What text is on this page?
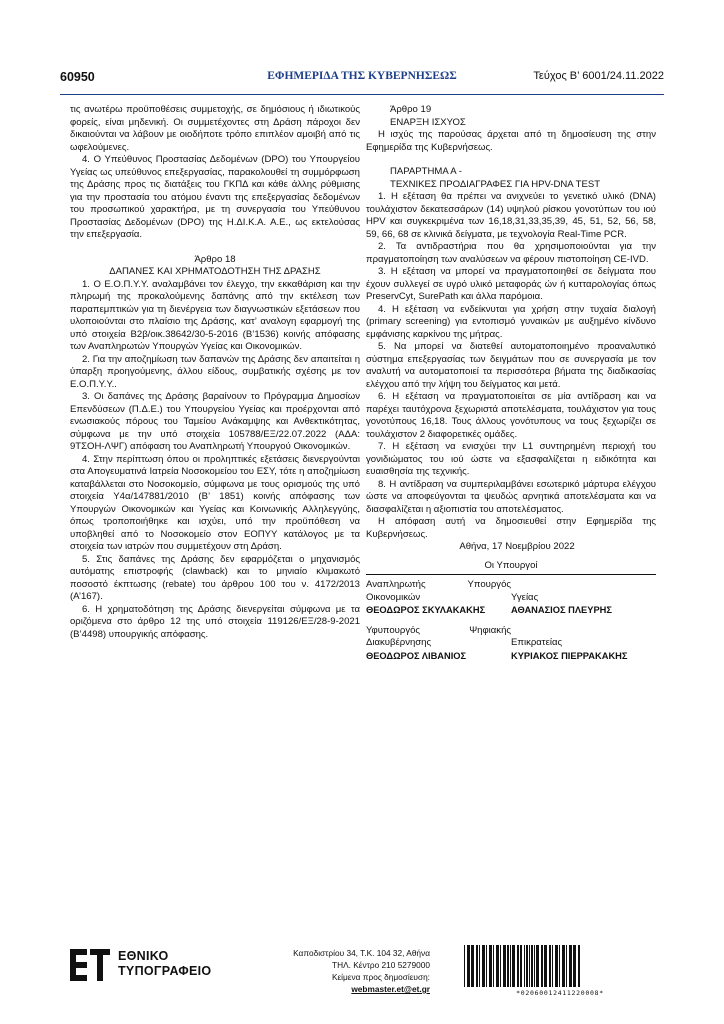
60950	ΕΦΗΜΕΡΙΔΑ ΤΗΣ ΚΥΒΕΡΝΗΣΕΩΣ	Τεύχος Β’ 6001/24.11.2022

τις ανωτέρω προϋποθέσεις συμμετοχής, σε δημόσιους ή ιδιωτικούς φορείς, είναι μηδενική. Οι συμμετέχοντες στη Δράση πάροχοι δεν δικαιούνται να λάβουν με οιοδήποτε τρόπο επιπλέον αμοιβή από τις ωφελούμενες.

4. Ο Υπεύθυνος Προστασίας Δεδομένων (DPO) του Υπουργείου Υγείας ως υπεύθυνος επεξεργασίας, παρακολουθεί τη συμμόρφωση της Δράσης προς τις διατάξεις του ΓΚΠΔ και κάθε άλλης ρύθμισης για την προστασία του ατόμου έναντι της επεξεργασίας δεδομένων του προσωπικού χαρακτήρα, με τη συνεργασία του Υπεύθυνου Προστασίας Δεδομένων (DPO) της Η.ΔΙ.Κ.Α. Α.Ε., ως εκτελούσας την επεξεργασία.

Άρθρο 18

ΔΑΠΑΝΕΣ ΚΑΙ ΧΡΗΜΑΤΟΔΟΤΗΣΗ ΤΗΣ ΔΡΑΣΗΣ

1. Ο Ε.Ο.Π.Υ.Υ. αναλαμβάνει τον έλεγχο, την εκκαθάριση και την πληρωμή της προκαλούμενης δαπάνης από την εκτέλεση των παραπεμπτικών για τη διενέργεια των διαγνωστικών εξετάσεων που υλοποιούνται στο πλαίσιο της Δράσης, κατ’ αναλογη εφαρμογή της υπό στοιχεία Β2β/οικ.38642/30-5-2016 (Β’1536) κοινής απόφασης των Αναπληρωτών Υπουργών Υγείας και Οικονομικών.

2. Για την αποζημίωση των δαπανών της Δράσης δεν απαιτείται η ύπαρξη προηγούμενης, άλλου είδους, συμβατικής σχέσης με τον Ε.Ο.Π.Υ.Υ..

3. Οι δαπάνες της Δράσης βαραίνουν το Πρόγραμμα Δημοσίων Επενδύσεων (Π.Δ.Ε.) του Υπουργείου Υγείας και προέρχονται από ενωσιακούς πόρους του Ταμείου Ανάκαμψης και Ανθεκτικότητας, σύμφωνα με την υπό στοιχεία 105788/ΕΞ/22.07.2022 (ΑΔΑ: 9ΤΣΟΗ-ΛΨΓ) απόφαση του Αναπληρωτή Υπουργού Οικονομικών.

4. Στην περίπτωση όπου οι προληπτικές εξετάσεις διενεργούνται στα Απογευματινά Ιατρεία Νοσοκομείου του ΕΣΥ, τότε η αποζημίωση καταβάλλεται στο Νοσοκομείο, σύμφωνα με τους ορισμούς της υπό στοιχεία Υ4α/147881/2010 (Β’ 1851) κοινής απόφασης των Υπουργών Οικονομικών και Υγείας και Κοινωνικής Αλληλεγγύης, όπως τροποποιήθηκε και ισχύει, υπό την προϋπόθεση να υποβληθεί από το Νοσοκομείο στον ΕΟΠΥΥ κατάλογος με τα στοιχεία των ιατρών που συμμετέχουν στη Δράση.

5. Στις δαπάνες της Δράσης δεν εφαρμόζεται ο μηχανισμός αυτόματης επιστροφής (clawback) και το μηνιαίο κλιμακωτό ποσοστό έκπτωσης (rebate) του άρθρου 100 του ν. 4172/2013 (Α’167).

6. Η χρηματοδότηση της Δράσης διενεργείται σύμφωνα με τα οριζόμενα στο άρθρο 12 της υπό στοιχεία 119126/ΕΞ/28-9-2021 (Β’4498) υπουργικής απόφασης.

Άρθρο 19

ΕΝΑΡΞΗ ΙΣΧΥΟΣ

Η ισχύς της παρούσας άρχεται από τη δημοσίευση της στην Εφημερίδα της Κυβερνήσεως.

ΠΑΡΑΡΤΗΜΑ Α -

ΤΕΧΝΙΚΕΣ ΠΡΟΔΙΑΓΡΑΦΕΣ ΓΙΑ HPV-DNA TEST

1. Η εξέταση θα πρέπει να ανιχνεύει το γενετικό υλικό (DNA) τουλάχιστον δεκατεσσάρων (14) υψηλού ρίσκου γονοτύπων του ιού HPV και συγκεκριμένα των 16,18,31,33,35,39, 45, 51, 52, 56, 58, 59, 66, 68 σε κλινικά δείγματα, με τεχνολογία Real-Time PCR.

2. Τα αντιδραστήρια που θα χρησιμοποιούνται για την πραγματοποίηση των αναλύσεων να φέρουν πιστοποίηση CE-IVD.

3. Η εξέταση να μπορεί να πραγματοποιηθεί σε δείγματα που έχουν συλλεγεί σε υγρό υλικό μεταφοράς ών ή κυτταρολογίας όπως PreservCyt, SurePath και άλλα παρόμοια.

4. Η εξέταση να ενδείκνυται για χρήση στην τυχαία διαλογή (primary screening) για εντοπισμό γυναικών με αυξημένο κίνδυνο εμφάνισης καρκίνου της μήτρας.

5. Να μπορεί να διατεθεί αυτοματοποιημένο προαναλυτικό σύστημα επεξεργασίας των δειγμάτων που σε συνεργασία με τον αναλυτή να αυτοματοποιεί τα περισσότερα βήματα της διαδικασίας ελέγχου από την λήψη του δείγματος και μετά.

6. Η εξέταση να πραγματοποιείται σε μία αντίδραση και να παρέχει ταυτόχρονα ξεχωριστά αποτελέσματα, τουλάχιστον για τους γονοτύπους 16,18. Τους άλλους γονότυπους να τους ξεχωρίζει σε τουλάχιστον 2 διαφορετικές ομάδες.

7. Η εξέταση να ενισχύει την L1 συντηρημένη περιοχή του γονιδιώματος του ιού ώστε να εξασφαλίζεται η ειδικότητα και ευαισθησία της τεχνικής.

8. Η αντίδραση να συμπεριλαμβάνει εσωτερικό μάρτυρα ελέγχου ώστε να αποφεύγονται τα ψευδώς αρνητικά αποτελέσματα και να διασφαλίζεται η αξιοπιστία του αποτελέσματος.

Η απόφαση αυτή να δημοσιευθεί στην Εφημερίδα της Κυβερνήσεως.

Αθήνα, 17 Νοεμβρίου 2022

Οι Υπουργοί
Αναπληρωτής Υπουργός Οικονομικών	Υγείας
ΘΕΟΔΩΡΟΣ ΣΚΥΛΑΚΑΚΗΣ	ΑΘΑΝΑΣΙΟΣ ΠΛΕΥΡΗΣ
Υφυπουργός Ψηφιακής Διακυβέρνησης	Επικρατείας
ΘΕΟΔΩΡΟΣ ΛΙΒΑΝΙΟΣ	ΚΥΡΙΑΚΟΣ ΠΙΕΡΡΑΚΑΚΗΣ
ΕΘΝΙΚΟ
ΤΥΠΟΓΡΑΦΕΙΟ
Καποδιστρίου 34, Τ.Κ. 104 32, Αθήνα
ΤΗΛ. Κέντρο 210 5279000
Κείμενα προς δημοσίευση: webmaster.et@et.gr	*02060012411220008*
